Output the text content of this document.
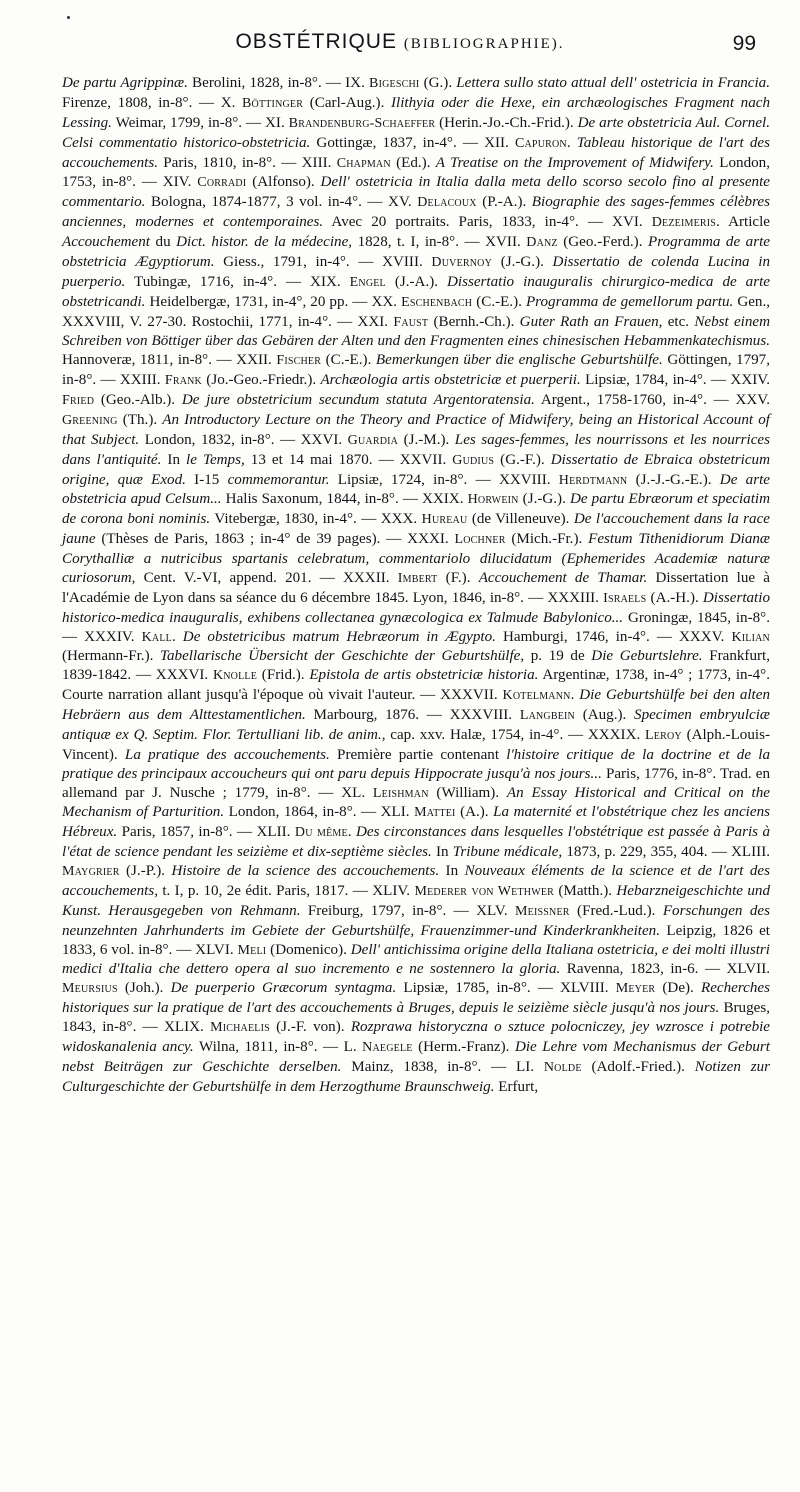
OBSTÉTRIQUE (BIBLIOGRAPHIE).	99

De partu Agrippinæ. Berolini, 1828, in-8°. — IX. Bigeschi (G.). Lettera sullo stato attual dell' ostetricia in Francia. Firenze, 1808, in-8°. — X. Böttinger (Carl-Aug.). Ilithyia oder die Hexe, ein archæologisches Fragment nach Lessing. Weimar, 1799, in-8°. — XI. Brandenburg-Schaeffer (Herin.-Jo.-Ch.-Frid.). De arte obstetricia Aul. Cornel. Celsi commentatio historico-obstetricia. Gottingæ, 1837, in-4°. — XII. Capuron. Tableau historique de l'art des accouchements. Paris, 1810, in-8°. — XIII. Chapman (Ed.). A Treatise on the Improvement of Midwifery. London, 1753, in-8°. — XIV. Corradi (Alfonso). Dell' ostetricia in Italia dalla meta dello scorso secolo fino al presente commentario. Bologna, 1874-1877, 3 vol. in-4°. — XV. Delacoux (P.-A.). Biographie des sages-femmes célèbres anciennes, modernes et contemporaines. Avec 20 portraits. Paris, 1833, in-4°. — XVI. Dezeimeris. Article Accouchement du Dict. histor. de la médecine, 1828, t. I, in-8°. — XVII. Danz (Geo.-Ferd.). Programma de arte obstetricia Ægyptiorum. Giess., 1791, in-4°. — XVIII. Duvernoy (J.-G.). Dissertatio de colenda Lucina in puerperio. Tubingæ, 1716, in-4°. — XIX. Engel (J.-A.). Dissertatio inauguralis chirurgico-medica de arte obstetricandi. Heidelbergæ, 1731, in-4°, 20 pp. — XX. Eschenbach (C.-E.). Programma de gemellorum partu. Gen., XXXVIII, V. 27-30. Rostochii, 1771, in-4°. — XXI. Faust (Bernh.-Ch.). Guter Rath an Frauen, etc. Nebst einem Schreiben von Böttiger über das Gebären der Alten und den Fragmenten eines chinesischen Hebammenkatechismus. Hannoveræ, 1811, in-8°. — XXII. Fischer (C.-E.). Bemerkungen über die englische Geburtshülfe. Göttingen, 1797, in-8°. — XXIII. Frank (Jo.-Geo.-Friedr.). Archæologia artis obstetriciæ et puerperii. Lipsiæ, 1784, in-4°. — XXIV. Fried (Geo.-Alb.). De jure obstetricium secundum statuta Argentoratensia. Argent., 1758-1760, in-4°. — XXV. Greening (Th.). An Introductory Lecture on the Theory and Practice of Midwifery, being an Historical Account of that Subject. London, 1832, in-8°. — XXVI. Guardia (J.-M.). Les sages-femmes, les nourrissons et les nourrices dans l'antiquité. In le Temps, 13 et 14 mai 1870. — XXVII. Gudius (G.-F.). Dissertatio de Ebraica obstetricum origine, quæ Exod. I-15 commemorantur. Lipsiæ, 1724, in-8°. — XXVIII. Herdtmann (J.-J.-G.-E.). De arte obstetricia apud Celsum... Halis Saxonum, 1844, in-8°. — XXIX. Horwein (J.-G.). De partu Ebræorum et speciatim de corona boni nominis. Vitebergæ, 1830, in-4°. — XXX. Hureau (de Villeneuve). De l'accouchement dans la race jaune (Thèses de Paris, 1863 ; in-4° de 39 pages). — XXXI. Lochner (Mich.-Fr.). Festum Tithenidiorum Dianæ Corythalliæ a nutricibus spartanis celebratum, commentariolo dilucidatum (Ephemerides Academiæ naturæ curiosorum, Cent. V.-VI, append. 201. — XXXII. Imbert (F.). Accouchement de Thamar. Dissertation lue à l'Académie de Lyon dans sa séance du 6 décembre 1845. Lyon, 1846, in-8°. — XXXIII. Israels (A.-H.). Dissertatio historico-medica inauguralis, exhibens collectanea gynæcologica ex Talmude Babylonico... Groningæ, 1845, in-8°. — XXXIV. Kall. De obstetricibus matrum Hebræorum in Ægypto. Hamburgi, 1746, in-4°. — XXXV. Kilian (Hermann-Fr.). Tabellarische Übersicht der Geschichte der Geburtshülfe, p. 19 de Die Geburtslehre. Frankfurt, 1839-1842. — XXXVI. Knolle (Frid.). Epistola de artis obstetriciæ historia. Argentinæ, 1738, in-4° ; 1773, in-4°. Courte narration allant jusqu'à l'époque où vivait l'auteur. — XXXVII. Kotelmann. Die Geburtshülfe bei den alten Hebräern aus dem Alttestamentlichen. Marbourg, 1876. — XXXVIII. Langbein (Aug.). Specimen embryulciæ antiquæ ex Q. Septim. Flor. Tertulliani lib. de anim., cap. xxv. Halæ, 1754, in-4°. — XXXIX. Leroy (Alph.-Louis-Vincent). La pratique des accouchements. Première partie contenant l'histoire critique de la doctrine et de la pratique des principaux accoucheurs qui ont paru depuis Hippocrate jusqu'à nos jours... Paris, 1776, in-8°. Trad. en allemand par J. Nusche ; 1779, in-8°. — XL. Leishman (William). An Essay Historical and Critical on the Mechanism of Parturition. London, 1864, in-8°. — XLI. Mattei (A.). La maternité et l'obstétrique chez les anciens Hébreux. Paris, 1857, in-8°. — XLII. Du même. Des circonstances dans lesquelles l'obstétrique est passée à Paris à l'état de science pendant les seizième et dix-septième siècles. In Tribune médicale, 1873, p. 229, 355, 404. — XLIII. Maygrier (J.-P.). Histoire de la science des accouchements. In Nouveaux éléments de la science et de l'art des accouchements, t. I, p. 10, 2e édit. Paris, 1817. — XLIV. Mederer von Wethwer (Matth.). Hebarzneigeschichte und Kunst. Herausgegeben von Rehmann. Freiburg, 1797, in-8°. — XLV. Meissner (Fred.-Lud.). Forschungen des neunzehnten Jahrhunderts im Gebiete der Geburtshülfe, Frauenzimmer-und Kinderkrankheiten. Leipzig, 1826 et 1833, 6 vol. in-8°. — XLVI. Meli (Domenico). Dell' antichissima origine della Italiana ostetricia, e dei molti illustri medici d'Italia che dettero opera al suo incremento e ne sostennero la gloria. Ravenna, 1823, in-6. — XLVII. Meursius (Joh.). De puerperio Græcorum syntagma. Lipsiæ, 1785, in-8°. — XLVIII. Meyer (De). Recherches historiques sur la pratique de l'art des accouchements à Bruges, depuis le seizième siècle jusqu'à nos jours. Bruges, 1843, in-8°. — XLIX. Michaelis (J.-F. von). Rozprawa historyczna o sztuce polocniczey, jey wzrosce i potrebie widoskanalenia ancy. Wilna, 1811, in-8°. — L. Naegele (Herm.-Franz). Die Lehre vom Mechanismus der Geburt nebst Beiträgen zur Geschichte derselben. Mainz, 1838, in-8°. — LI. Nolde (Adolf.-Fried.). Notizen zur Culturgeschichte der Geburtshülfe in dem Herzogthume Braunschweig. Erfurt,
